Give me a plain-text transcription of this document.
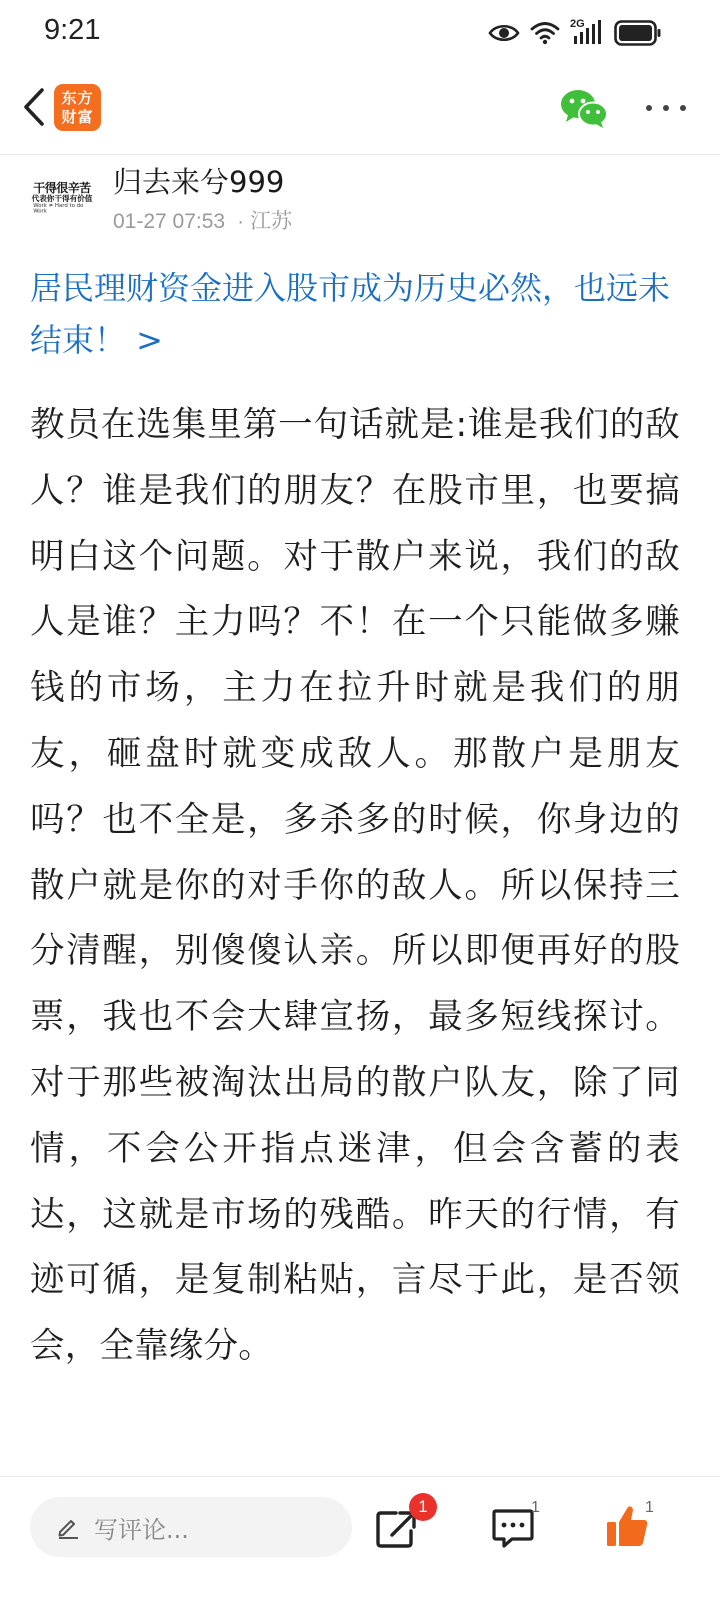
9:21	2G
东方
财富
干得很辛苦
代表你干得有价值
Work ≠ Hard to do Work
归去来兮999
01-27 07:53 · 江苏
居民理财资金进入股市成为历史必然，也远未结束！ >
教员在选集里第一句话就是:谁是我们的敌人？谁是我们的朋友？在股市里，也要搞明白这个问题。对于散户来说，我们的敌人是谁？主力吗？不！在一个只能做多赚钱的市场，主力在拉升时就是我们的朋友，砸盘时就变成敌人。那散户是朋友吗？也不全是，多杀多的时候，你身边的散户就是你的对手你的敌人。所以保持三分清醒，别傻傻认亲。所以即便再好的股票，我也不会大肆宣扬，最多短线探讨。对于那些被淘汰出局的散户队友，除了同情，不会公开指点迷津，但会含蓄的表达，这就是市场的残酷。昨天的行情，有迹可循，是复制粘贴，言尽于此，是否领会，全靠缘分。
写评论...
1	1	1
